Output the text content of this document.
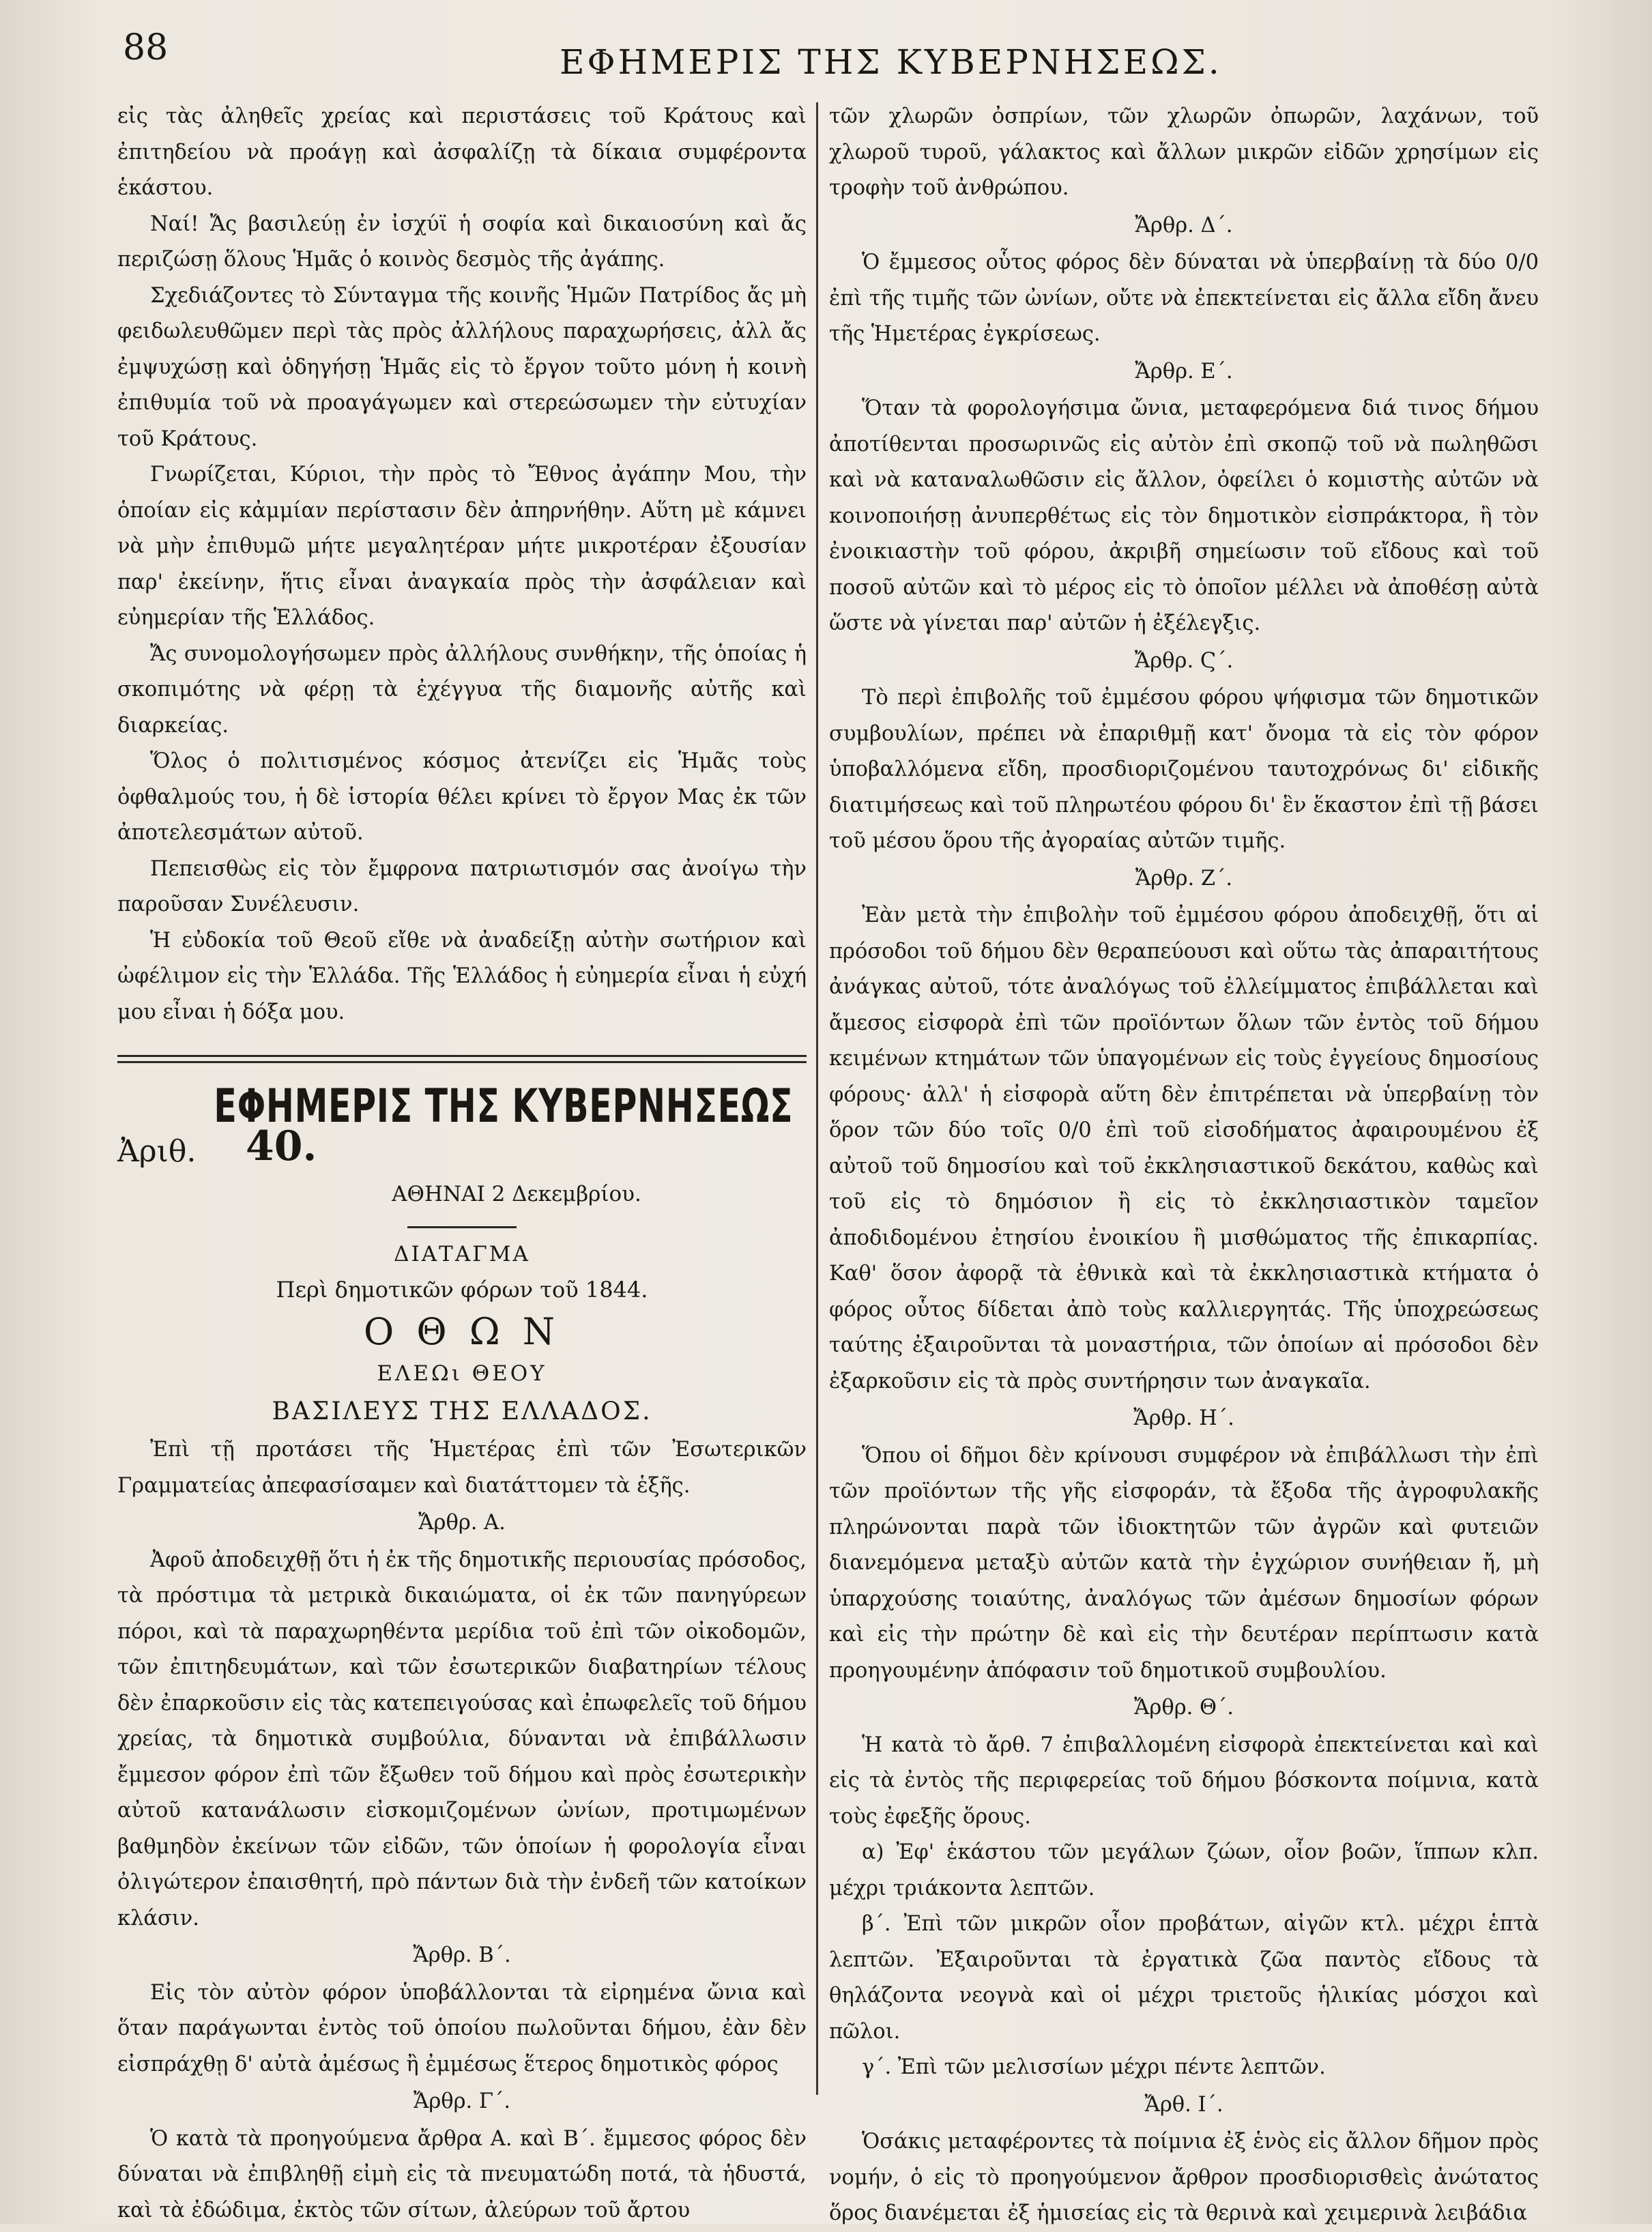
88	ΕΦΗΜΕΡΙΣ ΤΗΣ ΚΥΒΕΡΝΗΣΕΩΣ.

εἰς τὰς ἀληθεῖς χρείας καὶ περιστάσεις τοῦ Κράτους καὶ ἐπιτηδείου νὰ προάγῃ καὶ ἀσφαλίζῃ τὰ δίκαια συμφέροντα ἑκάστου.

Ναί! Ἄς βασιλεύῃ ἐν ἰσχύϊ ἡ σοφία καὶ δικαιοσύνη καὶ ἄς περιζώσῃ ὅλους Ἡμᾶς ὁ κοινὸς δεσμὸς τῆς ἀγάπης.

Σχεδιάζοντες τὸ Σύνταγμα τῆς κοινῆς Ἡμῶν Πατρίδος ἄς μὴ φειδωλευθῶμεν περὶ τὰς πρὸς ἀλλήλους παραχωρήσεις, ἀλλ ἄς ἐμψυχώσῃ καὶ ὁδηγήσῃ Ἡμᾶς εἰς τὸ ἔργον τοῦτο μόνη ἡ κοινὴ ἐπιθυμία τοῦ νὰ προαγάγωμεν καὶ στερεώσωμεν τὴν εὐτυχίαν τοῦ Κράτους.

Γνωρίζεται, Κύριοι, τὴν πρὸς τὸ Ἔθνος ἀγάπην Μου, τὴν ὁποίαν εἰς κἀμμίαν περίστασιν δὲν ἀπηρνήθην. Αὕτη μὲ κάμνει νὰ μὴν ἐπιθυμῶ μήτε μεγαλητέραν μήτε μικροτέραν ἐξουσίαν παρ' ἐκείνην, ἥτις εἶναι ἀναγκαία πρὸς τὴν ἀσφάλειαν καὶ εὐημερίαν τῆς Ἑλλάδος.

Ἄς συνομολογήσωμεν πρὸς ἀλλήλους συνθήκην, τῆς ὁποίας ἡ σκοπιμότης νὰ φέρῃ τὰ ἐχέγγυα τῆς διαμονῆς αὐτῆς καὶ διαρκείας.

Ὅλος ὁ πολιτισμένος κόσμος ἀτενίζει εἰς Ἡμᾶς τοὺς ὀφθαλμούς του, ἡ δὲ ἱστορία θέλει κρίνει τὸ ἔργον Μας ἐκ τῶν ἀποτελεσμάτων αὐτοῦ.

Πεπεισθὼς εἰς τὸν ἔμφρονα πατριωτισμόν σας ἀνοίγω τὴν παροῦσαν Συνέλευσιν.

Ἡ εὐδοκία τοῦ Θεοῦ εἴθε νὰ ἀναδείξῃ αὐτὴν σωτήριον καὶ ὠφέλιμον εἰς τὴν Ἑλλάδα. Τῆς Ἑλλάδος ἡ εὐημερία εἶναι ἡ εὐχή μου εἶναι ἡ δόξα μου.

ΕΦΗΜΕΡΙΣ ΤΗΣ ΚΥΒΕΡΝΗΣΕΩΣ

Ἀριθ. 40.

ΑΘΗΝΑΙ 2 Δεκεμβρίου.

ΔΙΑΤΑΓΜΑ

Περὶ δημοτικῶν φόρων τοῦ 1844.

Ο Θ Ω Ν

ΕΛΕΩι ΘΕΟΥ

ΒΑΣΙΛΕΥΣ ΤΗΣ ΕΛΛΑΔΟΣ.

Ἐπὶ τῇ προτάσει τῆς Ἡμετέρας ἐπὶ τῶν Ἐσωτερικῶν Γραμματείας ἀπεφασίσαμεν καὶ διατάττομεν τὰ ἑξῆς.

Ἄρθρ. Α.

Ἀφοῦ ἀποδειχθῇ ὅτι ἡ ἐκ τῆς δημοτικῆς περιουσίας πρόσοδος, τὰ πρόστιμα τὰ μετρικὰ δικαιώματα, οἱ ἐκ τῶν πανηγύρεων πόροι, καὶ τὰ παραχωρηθέντα μερίδια τοῦ ἐπὶ τῶν οἰκοδομῶν, τῶν ἐπιτηδευμάτων, καὶ τῶν ἐσωτερικῶν διαβατηρίων τέλους δὲν ἐπαρκοῦσιν εἰς τὰς κατεπειγούσας καὶ ἐπωφελεῖς τοῦ δήμου χρείας, τὰ δημοτικὰ συμβούλια, δύνανται νὰ ἐπιβάλλωσιν ἔμμεσον φόρον ἐπὶ τῶν ἔξωθεν τοῦ δήμου καὶ πρὸς ἐσωτερικὴν αὐτοῦ κατανάλωσιν εἰσκομιζομένων ὠνίων, προτιμωμένων βαθμηδὸν ἐκείνων τῶν εἰδῶν, τῶν ὁποίων ἡ φορολογία εἶναι ὀλιγώτερον ἐπαισθητή, πρὸ πάντων διὰ τὴν ἐνδεῆ τῶν κατοίκων κλάσιν.

Ἄρθρ. Β΄.

Εἰς τὸν αὐτὸν φόρον ὑποβάλλονται τὰ εἰρημένα ὤνια καὶ ὅταν παράγωνται ἐντὸς τοῦ ὁποίου πωλοῦνται δήμου, ἐὰν δὲν εἰσπράχθῃ δ' αὐτὰ ἀμέσως ἢ ἐμμέσως ἕτερος δημοτικὸς φόρος

Ἄρθρ. Γ΄.

Ὁ κατὰ τὰ προηγούμενα ἄρθρα Α. καὶ Β΄. ἔμμεσος φόρος δὲν δύναται νὰ ἐπιβληθῇ εἰμὴ εἰς τὰ πνευματώδη ποτά, τὰ ἡδυστά, καὶ τὰ ἐδώδιμα, ἐκτὸς τῶν σίτων, ἀλεύρων τοῦ ἄρτου

τῶν χλωρῶν ὀσπρίων, τῶν χλωρῶν ὀπωρῶν, λαχάνων, τοῦ χλωροῦ τυροῦ, γάλακτος καὶ ἄλλων μικρῶν εἰδῶν χρησίμων εἰς τροφὴν τοῦ ἀνθρώπου.

Ἄρθρ. Δ΄.

Ὁ ἔμμεσος οὗτος φόρος δὲν δύναται νὰ ὑπερβαίνῃ τὰ δύο 0/0 ἐπὶ τῆς τιμῆς τῶν ὠνίων, οὔτε νὰ ἐπεκτείνεται εἰς ἄλλα εἴδη ἄνευ τῆς Ἡμετέρας ἐγκρίσεως.

Ἄρθρ. Ε΄.

Ὅταν τὰ φορολογήσιμα ὤνια, μεταφερόμενα διά τινος δήμου ἀποτίθενται προσωρινῶς εἰς αὐτὸν ἐπὶ σκοπῷ τοῦ νὰ πωληθῶσι καὶ νὰ καταναλωθῶσιν εἰς ἄλλον, ὀφείλει ὁ κομιστὴς αὐτῶν νὰ κοινοποιήσῃ ἀνυπερθέτως εἰς τὸν δημοτικὸν εἰσπράκτορα, ἢ τὸν ἐνοικιαστὴν τοῦ φόρου, ἀκριβῆ σημείωσιν τοῦ εἴδους καὶ τοῦ ποσοῦ αὐτῶν καὶ τὸ μέρος εἰς τὸ ὁποῖον μέλλει νὰ ἀποθέσῃ αὐτὰ ὥστε νὰ γίνεται παρ' αὐτῶν ἡ ἐξέλεγξις.

Ἄρθρ. Ϛ΄.

Τὸ περὶ ἐπιβολῆς τοῦ ἐμμέσου φόρου ψήφισμα τῶν δημοτικῶν συμβουλίων, πρέπει νὰ ἐπαριθμῇ κατ' ὄνομα τὰ εἰς τὸν φόρον ὑποβαλλόμενα εἴδη, προσδιοριζομένου ταυτοχρόνως δι' εἰδικῆς διατιμήσεως καὶ τοῦ πληρωτέου φόρου δι' ἓν ἕκαστον ἐπὶ τῇ βάσει τοῦ μέσου ὅρου τῆς ἀγοραίας αὐτῶν τιμῆς.

Ἄρθρ. Ζ΄.

Ἐὰν μετὰ τὴν ἐπιβολὴν τοῦ ἐμμέσου φόρου ἀποδειχθῇ, ὅτι αἱ πρόσοδοι τοῦ δήμου δὲν θεραπεύουσι καὶ οὕτω τὰς ἀπαραιτήτους ἀνάγκας αὐτοῦ, τότε ἀναλόγως τοῦ ἐλλείμματος ἐπιβάλλεται καὶ ἄμεσος εἰσφορὰ ἐπὶ τῶν προϊόντων ὅλων τῶν ἐντὸς τοῦ δήμου κειμένων κτημάτων τῶν ὑπαγομένων εἰς τοὺς ἐγγείους δημοσίους φόρους· ἀλλ' ἡ εἰσφορὰ αὕτη δὲν ἐπιτρέπεται νὰ ὑπερβαίνῃ τὸν ὅρον τῶν δύο τοῖς 0/0 ἐπὶ τοῦ εἰσοδήματος ἀφαιρουμένου ἐξ αὐτοῦ τοῦ δημοσίου καὶ τοῦ ἐκκλησιαστικοῦ δεκάτου, καθὼς καὶ τοῦ εἰς τὸ δημόσιον ἢ εἰς τὸ ἐκκλησιαστικὸν ταμεῖον ἀποδιδομένου ἐτησίου ἐνοικίου ἢ μισθώματος τῆς ἐπικαρπίας. Καθ' ὅσον ἀφορᾷ τὰ ἐθνικὰ καὶ τὰ ἐκκλησιαστικὰ κτήματα ὁ φόρος οὗτος δίδεται ἀπὸ τοὺς καλλιεργητάς. Τῆς ὑποχρεώσεως ταύτης ἐξαιροῦνται τὰ μοναστήρια, τῶν ὁποίων αἱ πρόσοδοι δὲν ἐξαρκοῦσιν εἰς τὰ πρὸς συντήρησιν των ἀναγκαῖα.

Ἄρθρ. Η΄.

Ὅπου οἱ δῆμοι δὲν κρίνουσι συμφέρον νὰ ἐπιβάλλωσι τὴν ἐπὶ τῶν προϊόντων τῆς γῆς εἰσφοράν, τὰ ἔξοδα τῆς ἀγροφυλακῆς πληρώνονται παρὰ τῶν ἰδιοκτητῶν τῶν ἀγρῶν καὶ φυτειῶν διανεμόμενα μεταξὺ αὐτῶν κατὰ τὴν ἐγχώριον συνήθειαν ἤ, μὴ ὑπαρχούσης τοιαύτης, ἀναλόγως τῶν ἀμέσων δημοσίων φόρων καὶ εἰς τὴν πρώτην δὲ καὶ εἰς τὴν δευτέραν περίπτωσιν κατὰ προηγουμένην ἀπόφασιν τοῦ δημοτικοῦ συμβουλίου.

Ἄρθρ. Θ΄.

Ἡ κατὰ τὸ ἄρθ. 7 ἐπιβαλλομένη εἰσφορὰ ἐπεκτείνεται καὶ καὶ εἰς τὰ ἐντὸς τῆς περιφερείας τοῦ δήμου βόσκοντα ποίμνια, κατὰ τοὺς ἐφεξῆς ὅρους.

α) Ἐφ' ἑκάστου τῶν μεγάλων ζώων, οἷον βοῶν, ἵππων κλπ. μέχρι τριάκοντα λεπτῶν.

β΄. Ἐπὶ τῶν μικρῶν οἷον προβάτων, αἰγῶν κτλ. μέχρι ἑπτὰ λεπτῶν. Ἐξαιροῦνται τὰ ἐργατικὰ ζῶα παντὸς εἴδους τὰ θηλάζοντα νεογνὰ καὶ οἱ μέχρι τριετοῦς ἡλικίας μόσχοι καὶ πῶλοι.

γ΄. Ἐπὶ τῶν μελισσίων μέχρι πέντε λεπτῶν.

Ἄρθ. Ι΄.

Ὁσάκις μεταφέροντες τὰ ποίμνια ἐξ ἑνὸς εἰς ἄλλον δῆμον πρὸς νομήν, ὁ εἰς τὸ προηγούμενον ἄρθρον προσδιορισθεὶς ἀνώτατος ὅρος διανέμεται ἐξ ἡμισείας εἰς τὰ θερινὰ καὶ χειμερινὰ λειβάδια
